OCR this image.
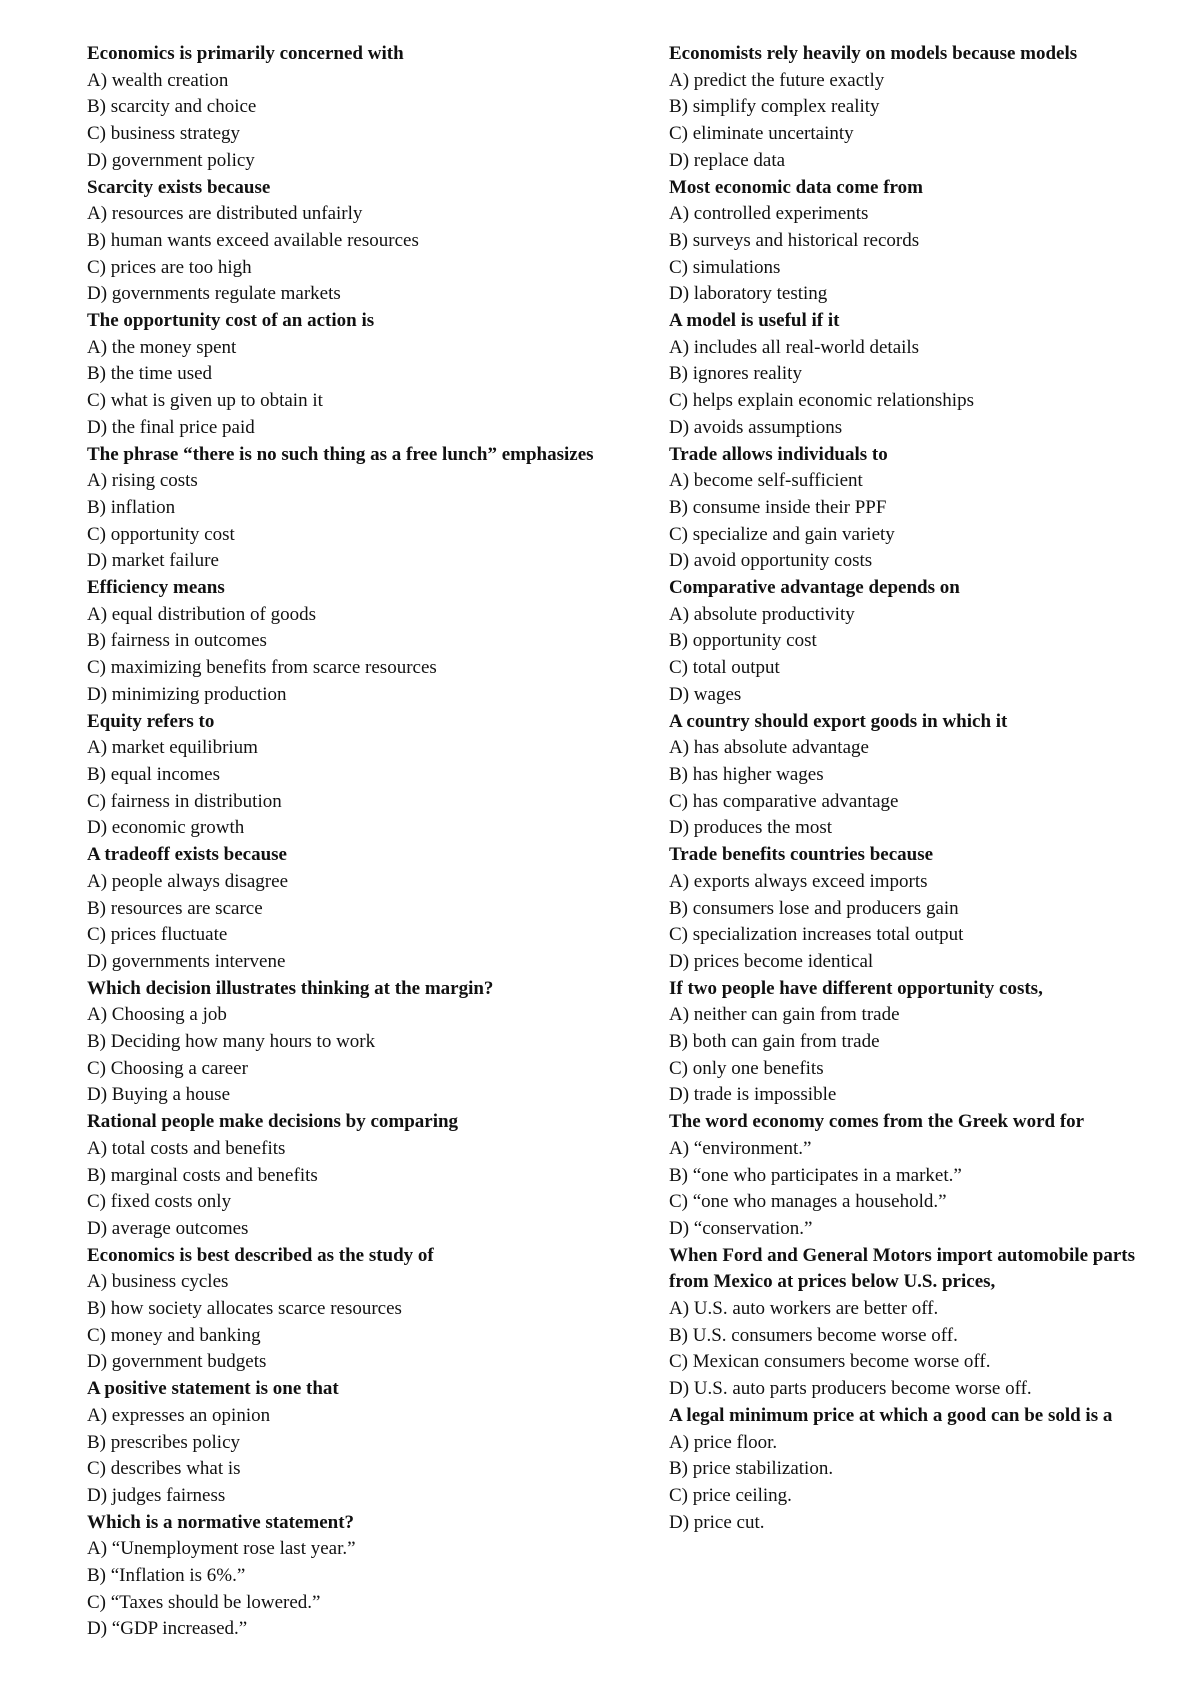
Economics is primarily concerned with
A) wealth creation
B) scarcity and choice
C) business strategy
D) government policy
Scarcity exists because
A) resources are distributed unfairly
B) human wants exceed available resources
C) prices are too high
D) governments regulate markets
The opportunity cost of an action is
A) the money spent
B) the time used
C) what is given up to obtain it
D) the final price paid
The phrase “there is no such thing as a free lunch” emphasizes
A) rising costs
B) inflation
C) opportunity cost
D) market failure
Efficiency means
A) equal distribution of goods
B) fairness in outcomes
C) maximizing benefits from scarce resources
D) minimizing production
Equity refers to
A) market equilibrium
B) equal incomes
C) fairness in distribution
D) economic growth
A tradeoff exists because
A) people always disagree
B) resources are scarce
C) prices fluctuate
D) governments intervene
Which decision illustrates thinking at the margin?
A) Choosing a job
B) Deciding how many hours to work
C) Choosing a career
D) Buying a house
Rational people make decisions by comparing
A) total costs and benefits
B) marginal costs and benefits
C) fixed costs only
D) average outcomes
Economics is best described as the study of
A) business cycles
B) how society allocates scarce resources
C) money and banking
D) government budgets
A positive statement is one that
A) expresses an opinion
B) prescribes policy
C) describes what is
D) judges fairness
Which is a normative statement?
A) “Unemployment rose last year.”
B) “Inflation is 6%.”
C) “Taxes should be lowered.”
D) “GDP increased.”
Economists rely heavily on models because models
A) predict the future exactly
B) simplify complex reality
C) eliminate uncertainty
D) replace data
Most economic data come from
A) controlled experiments
B) surveys and historical records
C) simulations
D) laboratory testing
A model is useful if it
A) includes all real-world details
B) ignores reality
C) helps explain economic relationships
D) avoids assumptions
Trade allows individuals to
A) become self-sufficient
B) consume inside their PPF
C) specialize and gain variety
D) avoid opportunity costs
Comparative advantage depends on
A) absolute productivity
B) opportunity cost
C) total output
D) wages
A country should export goods in which it
A) has absolute advantage
B) has higher wages
C) has comparative advantage
D) produces the most
Trade benefits countries because
A) exports always exceed imports
B) consumers lose and producers gain
C) specialization increases total output
D) prices become identical
If two people have different opportunity costs,
A) neither can gain from trade
B) both can gain from trade
C) only one benefits
D) trade is impossible
The word economy comes from the Greek word for
A) “environment.”
B) “one who participates in a market.”
C) “one who manages a household.”
D) “conservation.”
When Ford and General Motors import automobile parts from Mexico at prices below U.S. prices,
A) U.S. auto workers are better off.
B) U.S. consumers become worse off.
C) Mexican consumers become worse off.
D) U.S. auto parts producers become worse off.
A legal minimum price at which a good can be sold is a
A) price floor.
B) price stabilization.
C) price ceiling.
D) price cut.
